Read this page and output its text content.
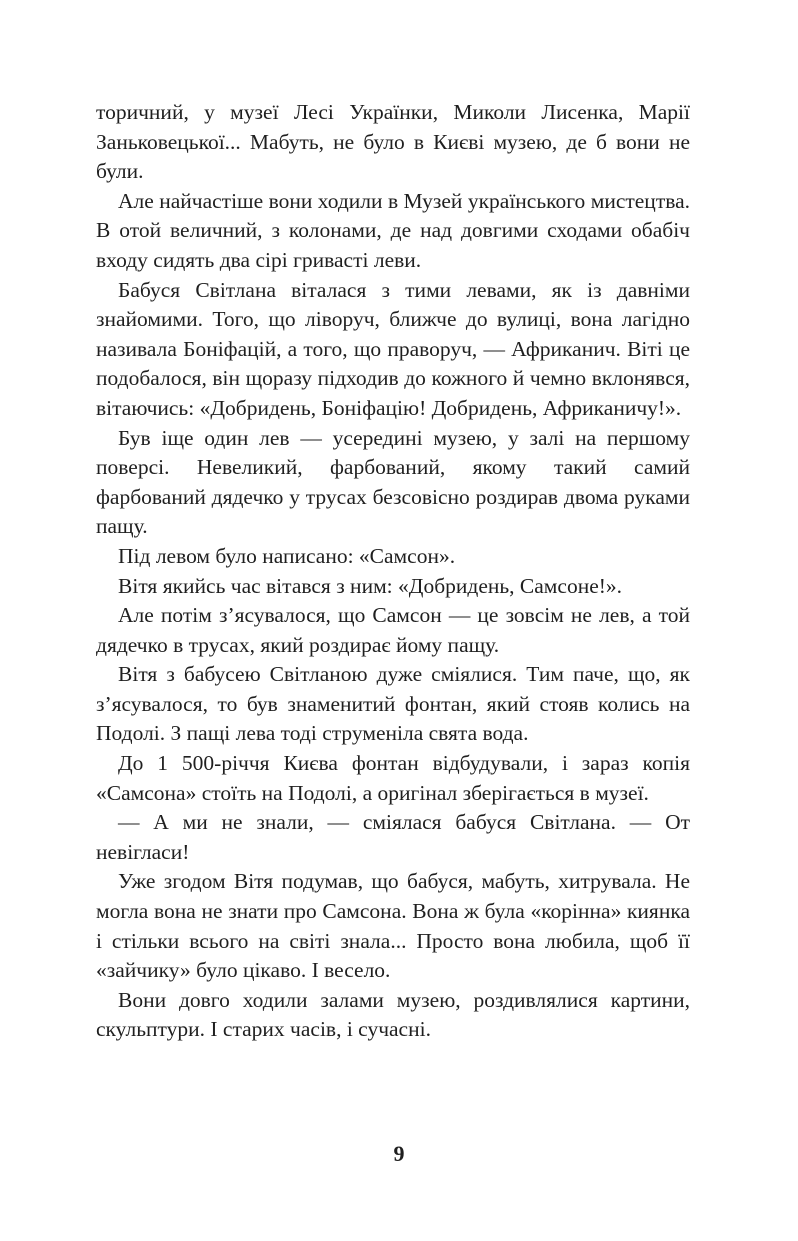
торичний, у музеї Лесі Українки, Миколи Лисенка, Марії Заньковецької... Мабуть, не було в Києві музею, де б вони не були.

Але найчастіше вони ходили в Музей українського мистецтва. В отой величний, з колонами, де над довгими сходами обабіч входу сидять два сірі гриваcті леви.

Бабуся Світлана віталася з тими левами, як із давніми знайомими. Того, що ліворуч, ближче до вулиці, вона лагідно називала Боніфацій, а того, що праворуч, — Африканич. Віті це подобалося, він щоразу підходив до кожного й чемно вклонявся, вітаючись: «Добридень, Боніфацію! Добридень, Африканичу!».

Був іще один лев — усередині музею, у залі на першому поверсі. Невеликий, фарбований, якому такий самий фарбований дядечко у трусах безсовісно роздирав двома руками пащу.

Під левом було написано: «Самсон».

Вітя якийсь час вітався з ним: «Добридень, Самсоне!».

Але потім з’ясувалося, що Самсон — це зовсім не лев, а той дядечко в трусах, який роздирає йому пащу.

Вітя з бабусею Світланою дуже сміялися. Тим паче, що, як з’ясувалося, то був знаменитий фонтан, який стояв колись на Подолі. З пащі лева тоді струменіла свята вода.

До 1 500-річчя Києва фонтан відбудували, і зараз копія «Самсона» стоїть на Подолі, а оригінал зберігається в музеї.

— А ми не знали, — сміялася бабуся Світлана. — От невігласи!

Уже згодом Вітя подумав, що бабуся, мабуть, хитрувала. Не могла вона не знати про Самсона. Вона ж була «корінна» киянка і стільки всього на світі знала... Просто вона любила, щоб її «зайчику» було цікаво. І весело.

Вони довго ходили залами музею, роздивлялися картини, скульптури. І старих часів, і сучасні.

9
